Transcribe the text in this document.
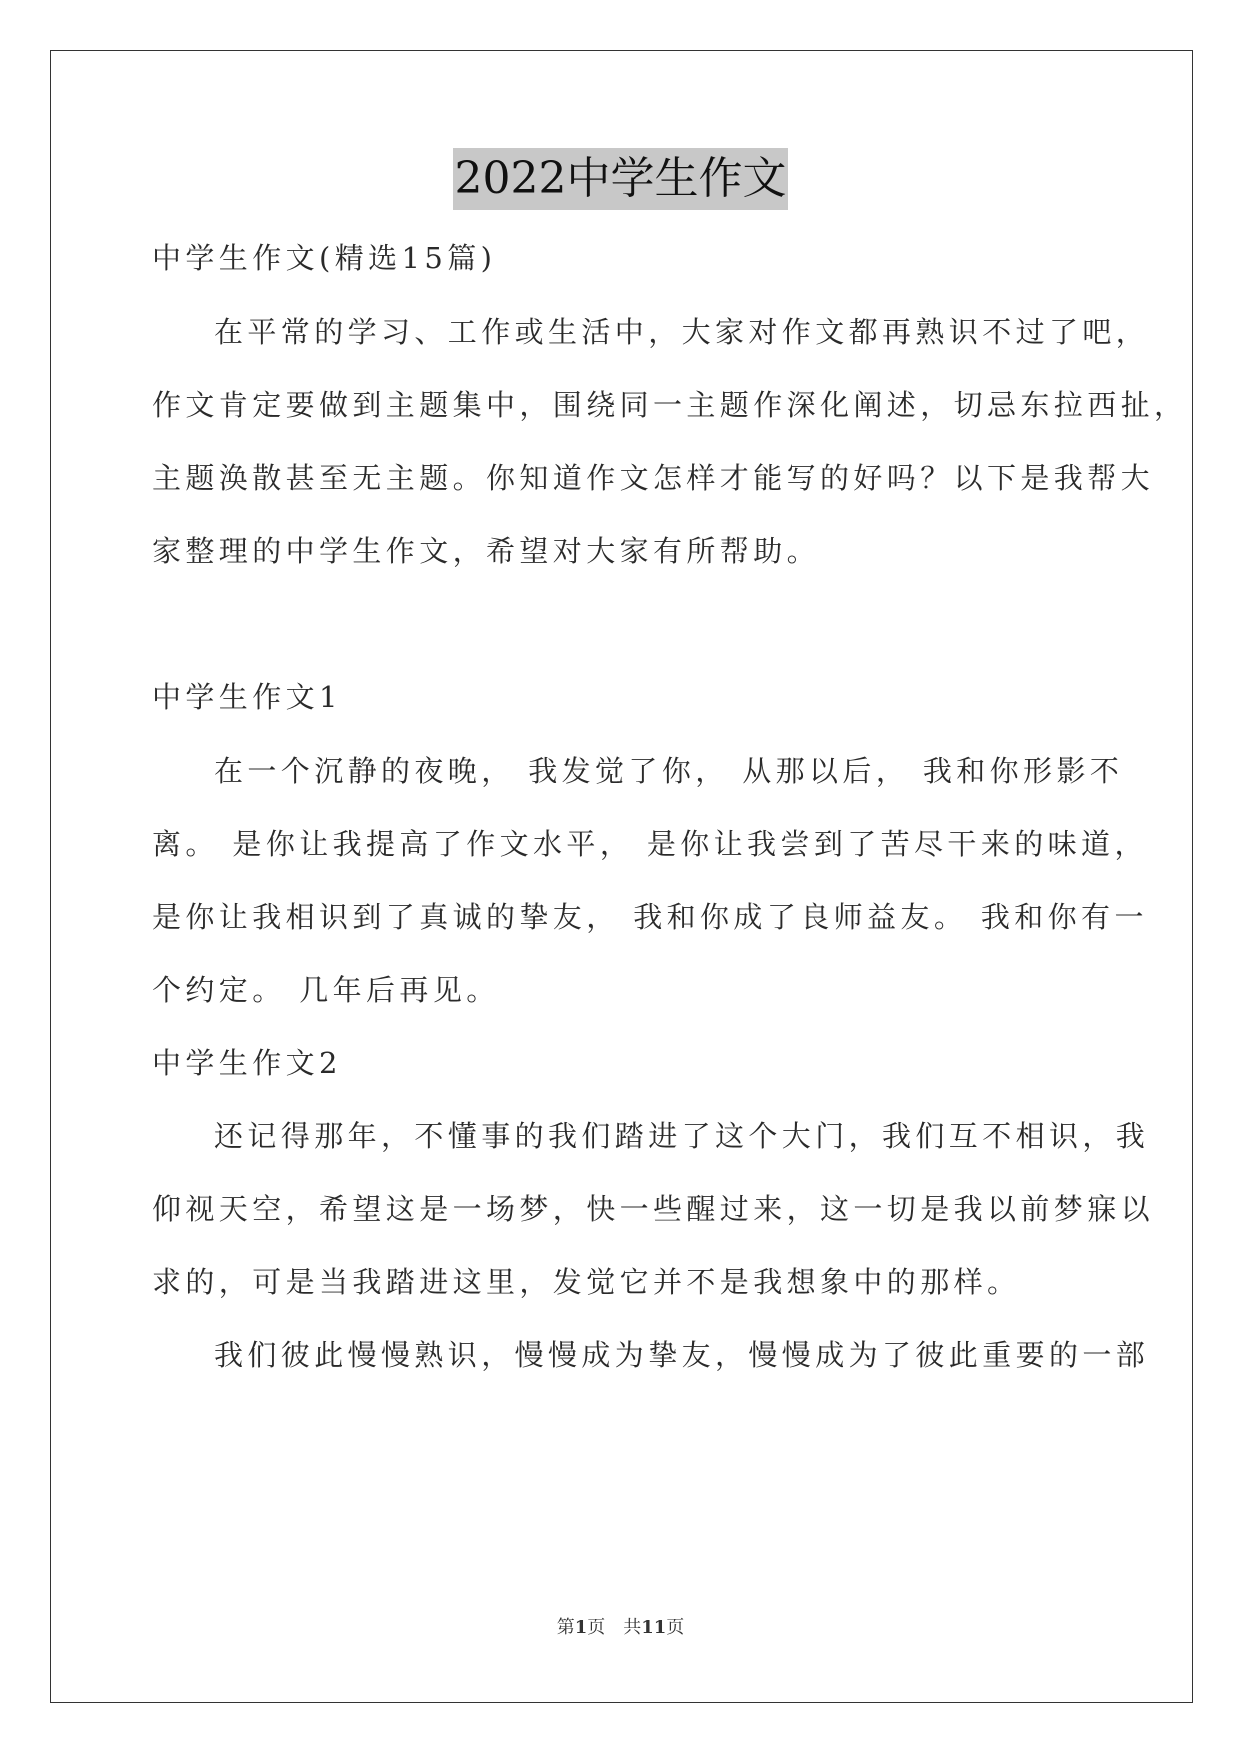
2022中学生作文
中学生作文(精选15篇)
在平常的学习、工作或生活中，大家对作文都再熟识不过了吧，
作文肯定要做到主题集中，围绕同一主题作深化阐述，切忌东拉西扯，
主题涣散甚至无主题。你知道作文怎样才能写的好吗？以下是我帮大
家整理的中学生作文，希望对大家有所帮助。
中学生作文1
在一个沉静的夜晚， 我发觉了你， 从那以后， 我和你形影不
离。 是你让我提高了作文水平， 是你让我尝到了苦尽干来的味道，
是你让我相识到了真诚的挚友， 我和你成了良师益友。 我和你有一
个约定。 几年后再见。
中学生作文2
还记得那年，不懂事的我们踏进了这个大门，我们互不相识，我
仰视天空，希望这是一场梦，快一些醒过来，这一切是我以前梦寐以
求的，可是当我踏进这里，发觉它并不是我想象中的那样。
我们彼此慢慢熟识，慢慢成为挚友，慢慢成为了彼此重要的一部
第1页　共11页
